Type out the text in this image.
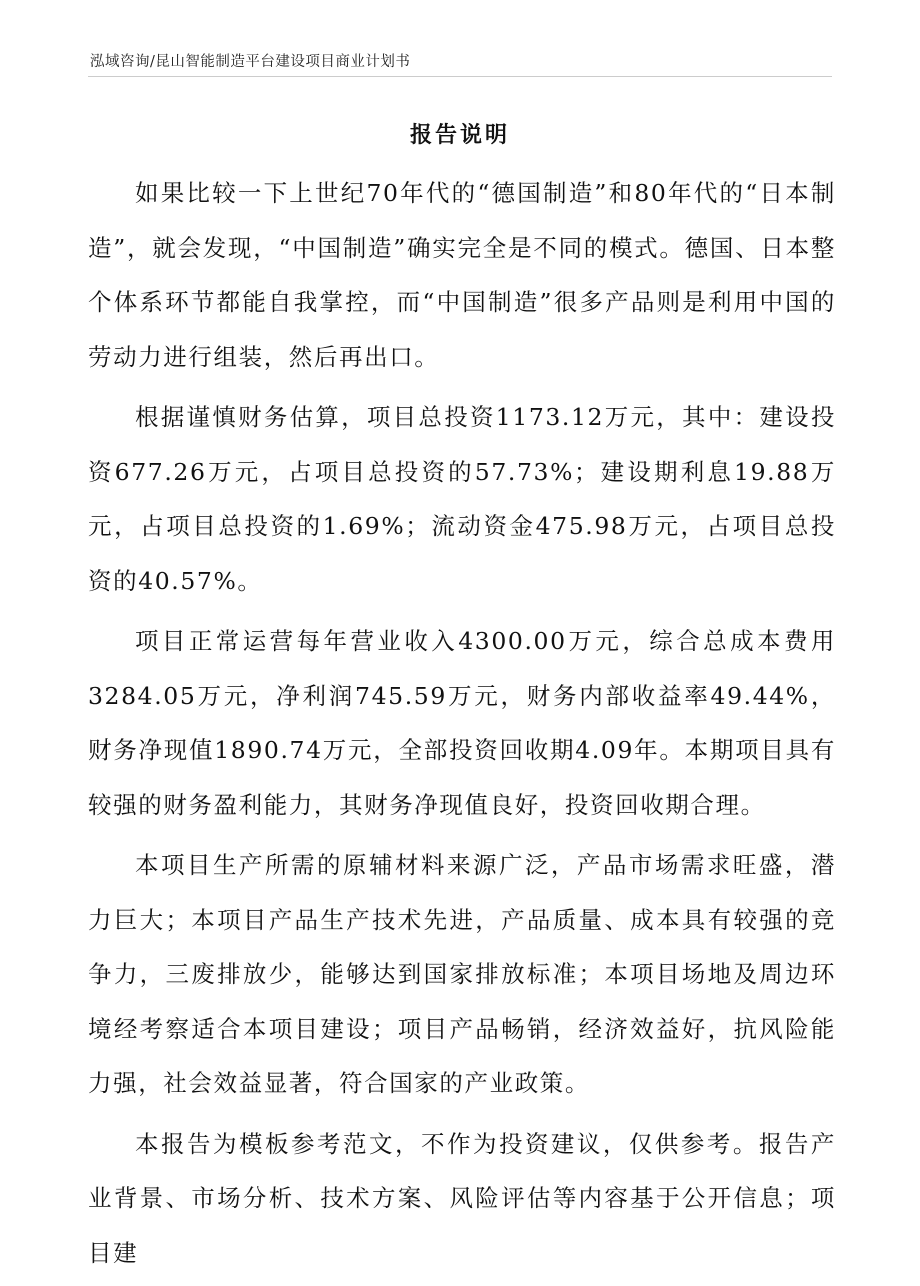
泓域咨询/昆山智能制造平台建设项目商业计划书
报告说明

如果比较一下上世纪70年代的“德国制造”和80年代的“日本制造”，就会发现，“中国制造”确实完全是不同的模式。德国、日本整个体系环节都能自我掌控，而“中国制造”很多产品则是利用中国的劳动力进行组装，然后再出口。

根据谨慎财务估算，项目总投资1173.12万元，其中：建设投资677.26万元，占项目总投资的57.73%；建设期利息19.88万元，占项目总投资的1.69%；流动资金475.98万元，占项目总投资的40.57%。

项目正常运营每年营业收入4300.00万元，综合总成本费用3284.05万元，净利润745.59万元，财务内部收益率49.44%，财务净现值1890.74万元，全部投资回收期4.09年。本期项目具有较强的财务盈利能力，其财务净现值良好，投资回收期合理。

本项目生产所需的原辅材料来源广泛，产品市场需求旺盛，潜力巨大；本项目产品生产技术先进，产品质量、成本具有较强的竞争力，三废排放少，能够达到国家排放标准；本项目场地及周边环境经考察适合本项目建设；项目产品畅销，经济效益好，抗风险能力强，社会效益显著，符合国家的产业政策。

本报告为模板参考范文，不作为投资建议，仅供参考。报告产业背景、市场分析、技术方案、风险评估等内容基于公开信息；项目建
